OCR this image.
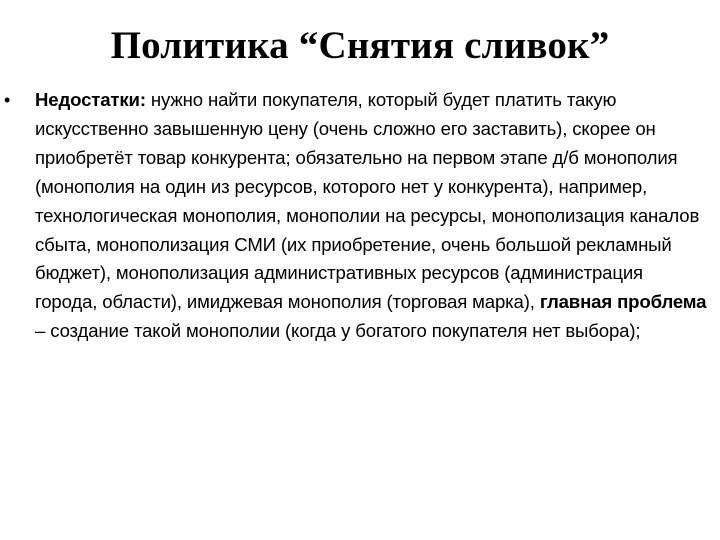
Политика “Снятия сливок”
• Недостатки: нужно найти покупателя, который будет платить такую искусственно завышенную цену (очень сложно его заставить), скорее он приобретёт товар конкурента; обязательно на первом этапе д/б монополия (монополия на один из ресурсов, которого нет у конкурента), например, технологическая монополия, монополии на ресурсы, монополизация каналов сбыта, монополизация СМИ (их приобретение, очень большой рекламный бюджет), монополизация административных ресурсов (администрация города, области), имиджевая монополия (торговая марка), главная проблема – создание такой монополии (когда у богатого покупателя нет выбора);
